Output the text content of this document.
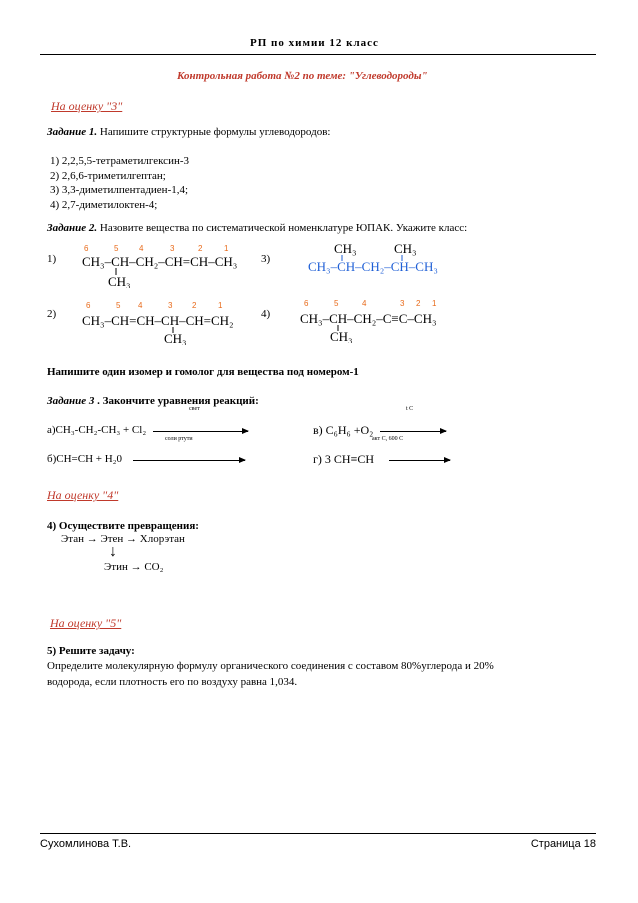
РП по химии 12 класс
Контрольная работа №2 по теме: "Углеводороды"
На оценку "3"
Задание 1. Напишите структурные формулы углеводородов:
1) 2,2,5,5-тетраметилгексин-3
2) 2,6,6-триметилгептан;
3) 3,3-диметилпентадиен-1,4;
4) 2,7-диметилоктен-4;
Задание 2. Назовите вещества по систематической номенклатуре ЮПАК. Укажите класс:
1)	3)
2)	4)
6	5	4	3	2	1
CH₃–CH–CH₂–CH=CH–CH₃
CH₃
CH₃	CH₃
CH₃–CH–CH₂–CH–CH₃
6	5 4	3 2	1
CH₃–CH=CH–CH–CH=CH₂
CH₃
6	5	4	3 2 1
CH₃–CH–CH₂–C≡C–CH₃
CH₃
Напишите один изомер и гомолог для вещества под номером-1
Задание 3 . Закончите уравнения реакций:
свет
а)CH₃-CH₂-CH₃ + Cl₂
соли ртути
б)CH=CH + H₂0
t C
в) C₆H₆ +O₂
акт C, 600 C
г) 3 CH≡CH
На оценку "4"
4) Осуществите превращения:
Этан → Этен → Хлорэтан
↓
Этин → CO₂
На оценку "5"
5) Решите задачу:
Определите молекулярную формулу органического соединения с составом 80%углерода и 20%
водорода, если плотность его по воздуху равна 1,034.
Сухомлинова Т.В.	Страница 18
